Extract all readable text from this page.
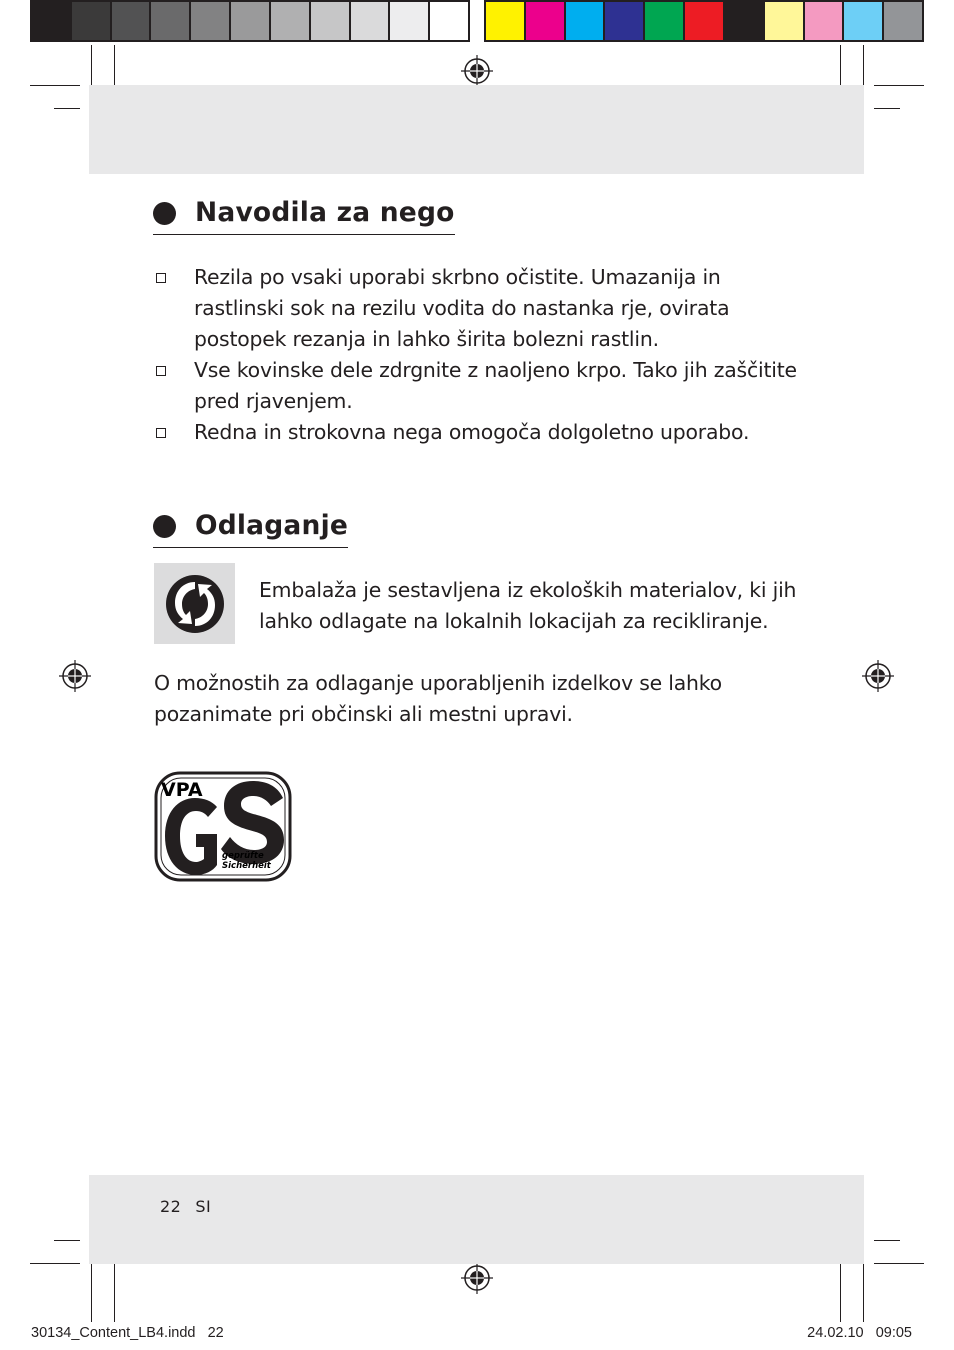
Navodila za nego
Rezila po vsaki uporabi skrbno očistite. Umazanija in rastlinski sok na rezilu vodita do nastanka rje, ovirata postopek rezanja in lahko širita bolezni rastlin.
Vse kovinske dele zdrgnite z naoljeno krpo. Tako jih zaščitite pred rjavenjem.
Redna in strokovna nega omogoča dolgoletno uporabo.
Odlaganje
Embalaža je sestavljena iz ekoloških materialov, ki jih lahko odlagate na lokalnih lokacijah za recikliranje.
O možnostih za odlaganje uporabljenih izdelkov se lahko pozanimate pri občinski ali mestni upravi.
VPA
geprüfte
Sicherheit
22 SI
30134_Content_LB4.indd   22	24.02.10   09:05
